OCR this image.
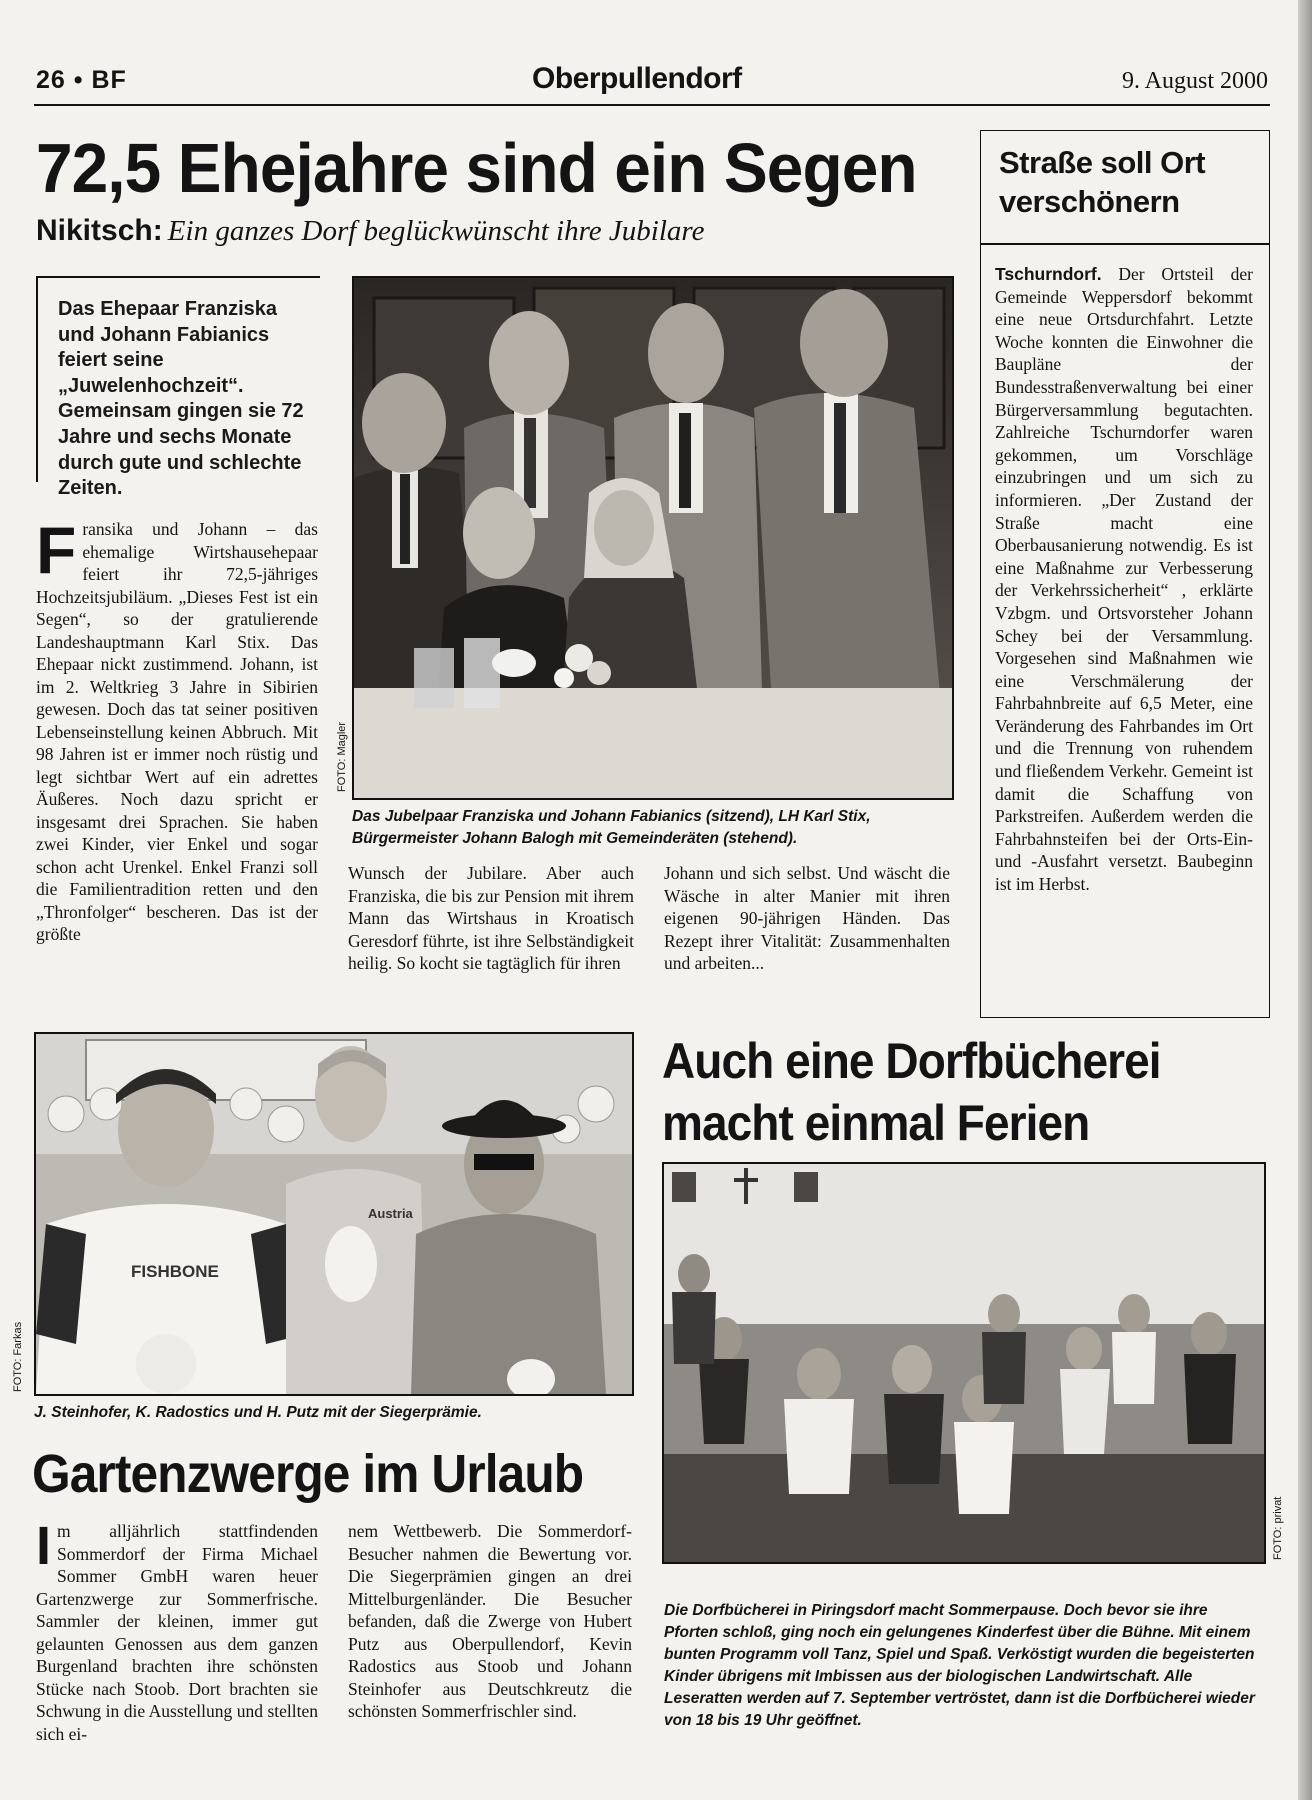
26 • BF	Oberpullendorf	9. August 2000
72,5 Ehejahre sind ein Segen
Nikitsch: Ein ganzes Dorf beglückwünscht ihre Jubilare
Das Ehepaar Franziska und Johann Fabianics feiert seine „Juwelenhochzeit“. Gemeinsam gingen sie 72 Jahre und sechs Monate durch gute und schlechte Zeiten.

Fransika und Johann – das ehemalige Wirtshausehepaar feiert ihr 72,5-jähriges Hochzeitsjubiläum. „Dieses Fest ist ein Segen“, so der gratulierende Landeshauptmann Karl Stix. Das Ehepaar nickt zustimmend. Johann, ist im 2. Weltkrieg 3 Jahre in Sibirien gewesen. Doch das tat seiner positiven Lebenseinstellung keinen Abbruch. Mit 98 Jahren ist er immer noch rüstig und legt sichtbar Wert auf ein adrettes Äußeres. Noch dazu spricht er insgesamt drei Sprachen. Sie haben zwei Kinder, vier Enkel und sogar schon acht Urenkel. Enkel Franzi soll die Familientradition retten und den „Thronfolger“ bescheren. Das ist der größte

FOTO: Magler
Das Jubelpaar Franziska und Johann Fabianics (sitzend), LH Karl Stix, Bürgermeister Johann Balogh mit Gemeinderäten (stehend).

Wunsch der Jubilare. Aber auch Franziska, die bis zur Pension mit ihrem Mann das Wirtshaus in Kroatisch Geresdorf führte, ist ihre Selbständigkeit heilig. So kocht sie tagtäglich für ihren

Johann und sich selbst. Und wäscht die Wäsche in alter Manier mit ihren eigenen 90-jährigen Händen. Das Rezept ihrer Vitalität: Zusammenhalten und arbeiten...

Straße soll Ort verschönern

Tschurndorf. Der Ortsteil der Gemeinde Weppersdorf bekommt eine neue Ortsdurchfahrt. Letzte Woche konnten die Einwohner die Baupläne der Bundesstraßenverwaltung bei einer Bürgerversammlung begutachten. Zahlreiche Tschurndorfer waren gekommen, um Vorschläge einzubringen und um sich zu informieren. „Der Zustand der Straße macht eine Oberbausanierung notwendig. Es ist eine Maßnahme zur Verbesserung der Verkehrssicherheit“ , erklärte Vzbgm. und Ortsvorsteher Johann Schey bei der Versammlung. Vorgesehen sind Maßnahmen wie eine Verschmälerung der Fahrbahnbreite auf 6,5 Meter, eine Veränderung des Fahrbandes im Ort und die Trennung von ruhendem und fließendem Verkehr. Gemeint ist damit die Schaffung von Parkstreifen. Außerdem werden die Fahrbahnsteifen bei der Orts-Ein- und -Ausfahrt versetzt. Baubeginn ist im Herbst.

FISHBONE
Austria
FOTO: Farkas
J. Steinhofer, K. Radostics und H. Putz mit der Siegerprämie.
Gartenzwerge im Urlaub

Im alljährlich stattfindenden Sommerdorf der Firma Michael Sommer GmbH waren heuer Gartenzwerge zur Sommerfrische. Sammler der kleinen, immer gut gelaunten Genossen aus dem ganzen Burgenland brachten ihre schönsten Stücke nach Stoob. Dort brachten sie Schwung in die Ausstellung und stellten sich ei-

nem Wettbewerb. Die Sommerdorf-Besucher nahmen die Bewertung vor. Die Siegerprämien gingen an drei Mittelburgenländer. Die Besucher befanden, daß die Zwerge von Hubert Putz aus Oberpullendorf, Kevin Radostics aus Stoob und Johann Steinhofer aus Deutschkreutz die schönsten Sommerfrischler sind.

Auch eine Dorfbücherei
macht einmal Ferien
FOTO: privat
Die Dorfbücherei in Piringsdorf macht Sommerpause. Doch bevor sie ihre Pforten schloß, ging noch ein gelungenes Kinderfest über die Bühne. Mit einem bunten Programm voll Tanz, Spiel und Spaß. Verköstigt wurden die begeisterten Kinder übrigens mit Imbissen aus der biologischen Landwirtschaft. Alle Leseratten werden auf 7. September vertröstet, dann ist die Dorfbücherei wieder von 18 bis 19 Uhr geöffnet.
